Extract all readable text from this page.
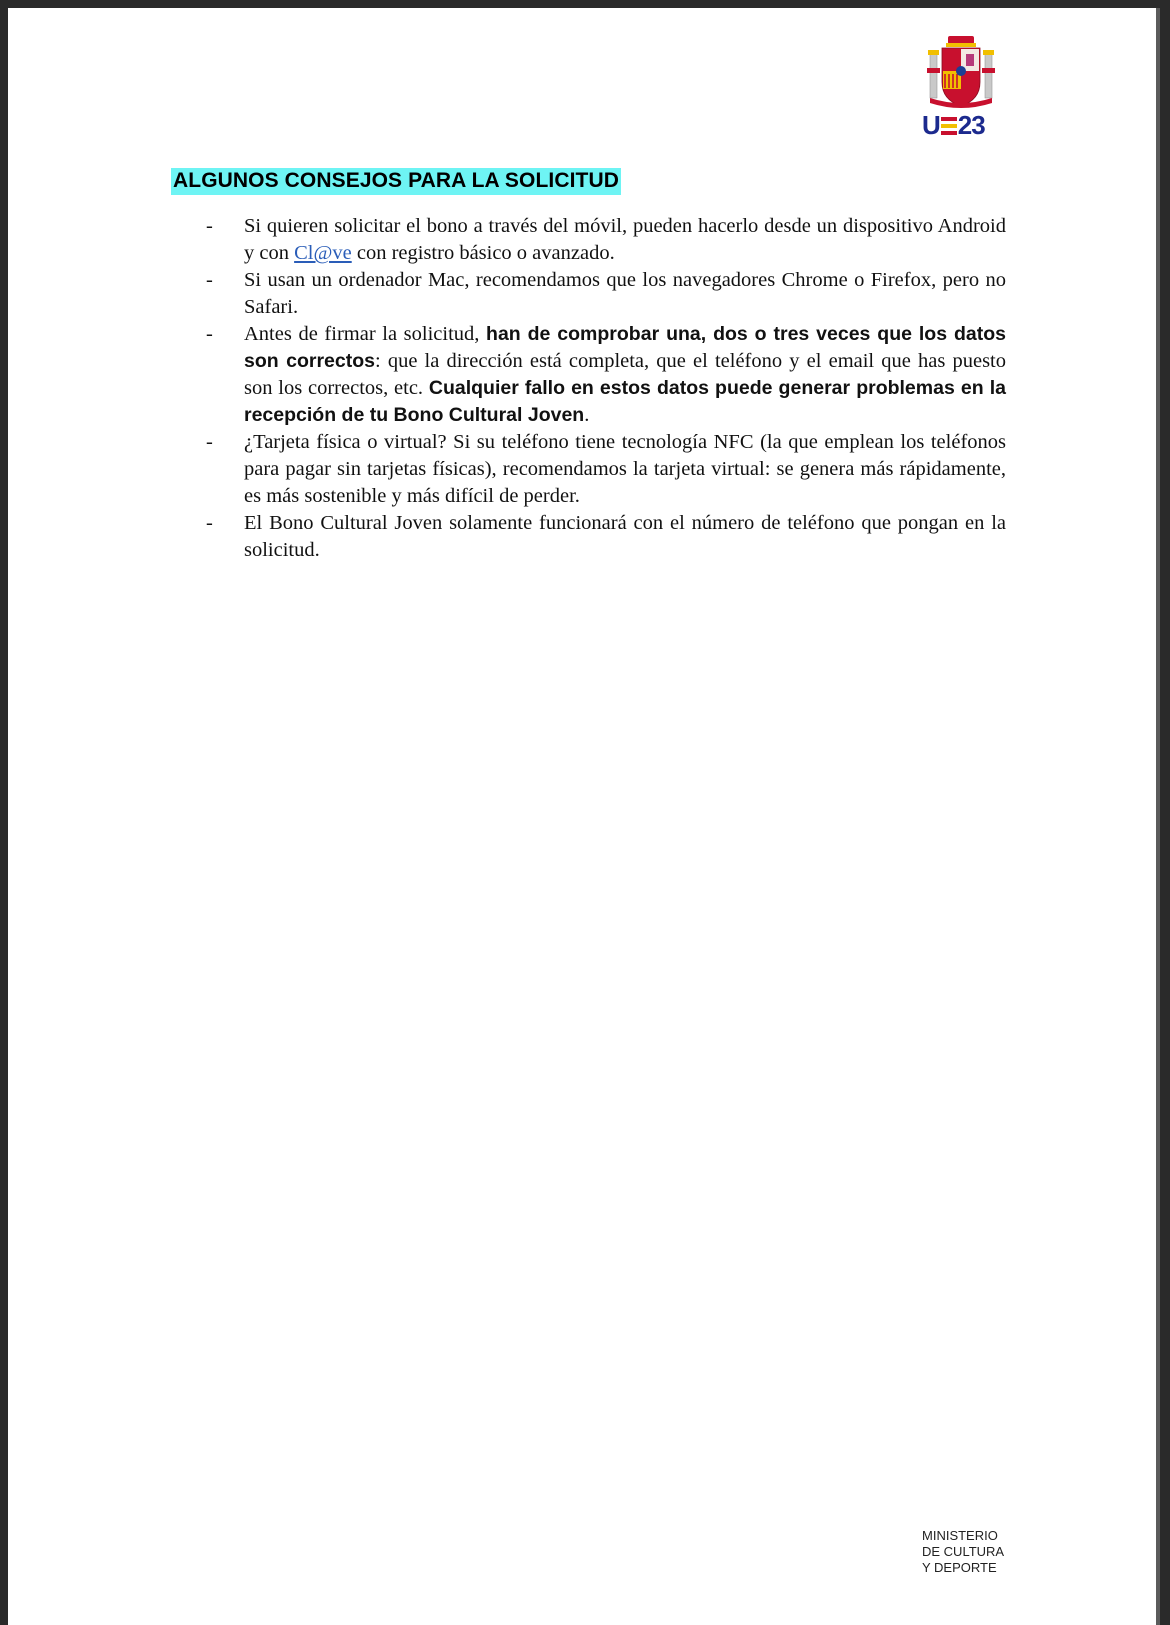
U 23
ALGUNOS CONSEJOS PARA LA SOLICITUD
- Si quieren solicitar el bono a través del móvil, pueden hacerlo desde un dispositivo Android y con Cl@ve con registro básico o avanzado.
- Si usan un ordenador Mac, recomendamos que los navegadores Chrome o Firefox, pero no Safari.
- Antes de firmar la solicitud, han de comprobar una, dos o tres veces que los datos son correctos: que la dirección está completa, que el teléfono y el email que has puesto son los correctos, etc. Cualquier fallo en estos datos puede generar problemas en la recepción de tu Bono Cultural Joven.
- ¿Tarjeta física o virtual? Si su teléfono tiene tecnología NFC (la que emplean los teléfonos para pagar sin tarjetas físicas), recomendamos la tarjeta virtual: se genera más rápidamente, es más sostenible y más difícil de perder.
- El Bono Cultural Joven solamente funcionará con el número de teléfono que pongan en la solicitud.
MINISTERIO
DE CULTURA
Y DEPORTE
